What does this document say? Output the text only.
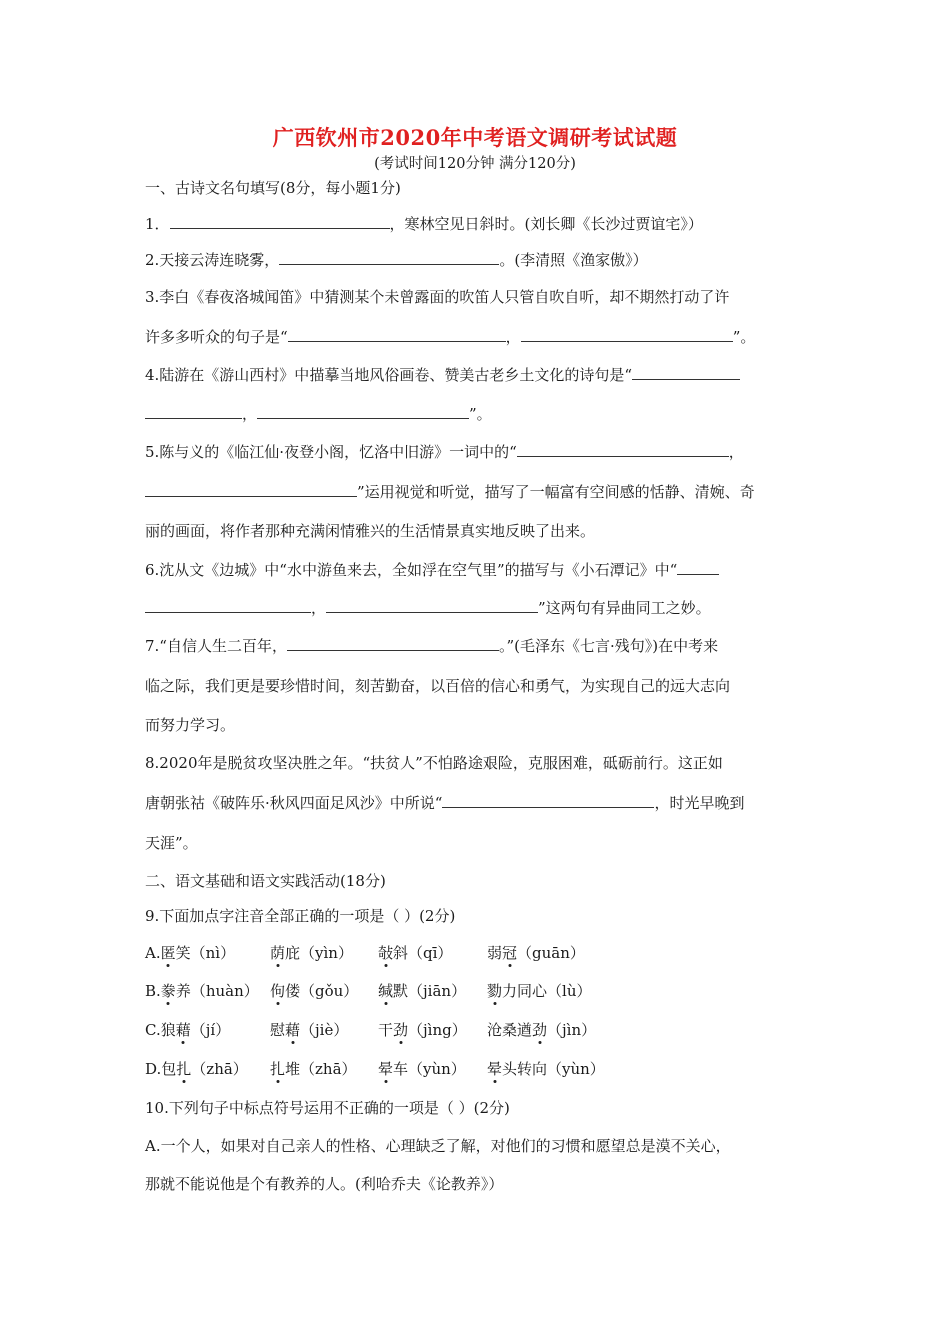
广西钦州市2020年中考语文调研考试试题
(考试时间120分钟 满分120分)
一、古诗文名句填写(8分，每小题1分)
1．	，寒林空见日斜时。(刘长卿《长沙过贾谊宅》）
2.天接云涛连晓雾，	。(李清照《渔家傲》）
3.李白《春夜洛城闻笛》中猜测某个未曾露面的吹笛人只管自吹自听，却不期然打动了许
许多多听众的句子是“	，	”。
4.陆游在《游山西村》中描摹当地风俗画卷、赞美古老乡土文化的诗句是“
，	”。
5.陈与义的《临江仙·夜登小阁，忆洛中旧游》一词中的“	，
”运用视觉和听觉，描写了一幅富有空间感的恬静、清婉、奇
丽的画面，将作者那种充满闲情雅兴的生活情景真实地反映了出来。
6.沈从文《边城》中“水中游鱼来去，全如浮在空气里”的描写与《小石潭记》中“
，	”这两句有异曲同工之妙。
7.“自信人生二百年，	。”(毛泽东《七言·残句》)在中考来
临之际，我们更是要珍惜时间，刻苦勤奋，以百倍的信心和勇气，为实现自己的远大志向
而努力学习。
8.2020年是脱贫攻坚决胜之年。“扶贫人”不怕路途艰险，克服困难，砥砺前行。这正如
唐朝张祜《破阵乐·秋风四面足风沙》中所说“	，时光早晚到
天涯”。
二、语文基础和语文实践活动(18分)
9.下面加点字注音全部正确的一项是（ ）(2分)
A.匿笑（nì） 荫庇（yìn） 敧斜（qī） 弱冠（guān）
B.豢养（huàn） 佝偻（gǒu） 缄默（jiān） 勠力同心（lù）
C.狼藉（jí）	慰藉（jiè） 干劲（jìng） 沧桑遒劲（jìn）
D.包扎（zhā） 扎堆（zhā） 晕车（yùn） 晕头转向（yùn）
10.下列句子中标点符号运用不正确的一项是（ ）(2分)
A.一个人，如果对自己亲人的性格、心理缺乏了解，对他们的习惯和愿望总是漠不关心，
那就不能说他是个有教养的人。(利哈乔夫《论教养》）
